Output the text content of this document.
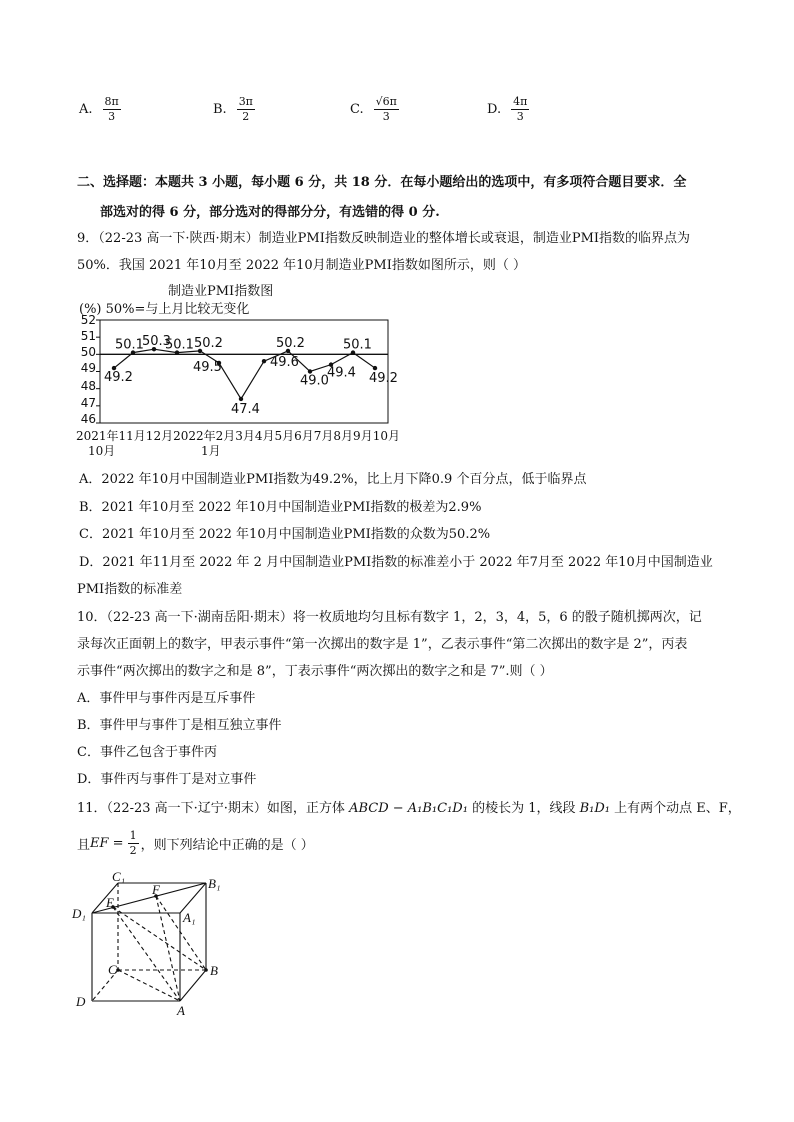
A. $\frac{8\pi}{3}$	B. $\frac{3\pi}{2}$	C. $\frac{√6\pi}{3}$	D. $\frac{4\pi}{3}$
二、选择题：本题共 3 小题，每小题 6 分，共 18 分．在每小题给出的选项中，有多项符合题目要求．全
部选对的得 6 分，部分选对的得部分分，有选错的得 0 分.
9．（22-23 高一下·陕西·期末）制造业PMI指数反映制造业的整体增长或衰退，制造业PMI指数的临界点为
50%．我国 2021 年10月至 2022 年10月制造业PMI指数如图所示，则（ ）
制造业PMI指数图
(%) 50%=与上月比较无变化
52
51
50
49
48
47
46
49.2
50.1
50.3
50.1 50.2
49.5
47.4
49.6
50.2
49.0
49.4
50.1
49.2
2021年11月12月2022年2月3月4月5月6月7月8月9月10月
10月	1月
A．2022 年10月中国制造业PMI指数为49.2%，比上月下降0.9 个百分点，低于临界点
B．2021 年10月至 2022 年10月中国制造业PMI指数的极差为2.9%
C．2021 年10月至 2022 年10月中国制造业PMI指数的众数为50.2%
D．2021 年11月至 2022 年 2 月中国制造业PMI指数的标准差小于 2022 年7月至 2022 年10月中国制造业
PMI指数的标准差
10．（22-23 高一下·湖南岳阳·期末）将一枚质地均匀且标有数字 1，2，3，4，5，6 的骰子随机掷两次，记
录每次正面朝上的数字，甲表示事件“第一次掷出的数字是 1”，乙表示事件“第二次掷出的数字是 2”，丙表
示事件“两次掷出的数字之和是 8”，丁表示事件“两次掷出的数字之和是 7”.则（ ）
A．事件甲与事件丙是互斥事件
B．事件甲与事件丁是相互独立事件
C．事件乙包含于事件丙
D．事件丙与事件丁是对立事件
11．（22-23 高一下·辽宁·期末）如图，正方体 ABCD − A₁B₁C₁D₁ 的棱长为 1，线段 B₁D₁ 上有两个动点 E、F，
且 EF = $\frac{1}{2}$ ，则下列结论中正确的是（ ）
C₁	B₁
D₁	A₁
E
F
C	B
D
A
